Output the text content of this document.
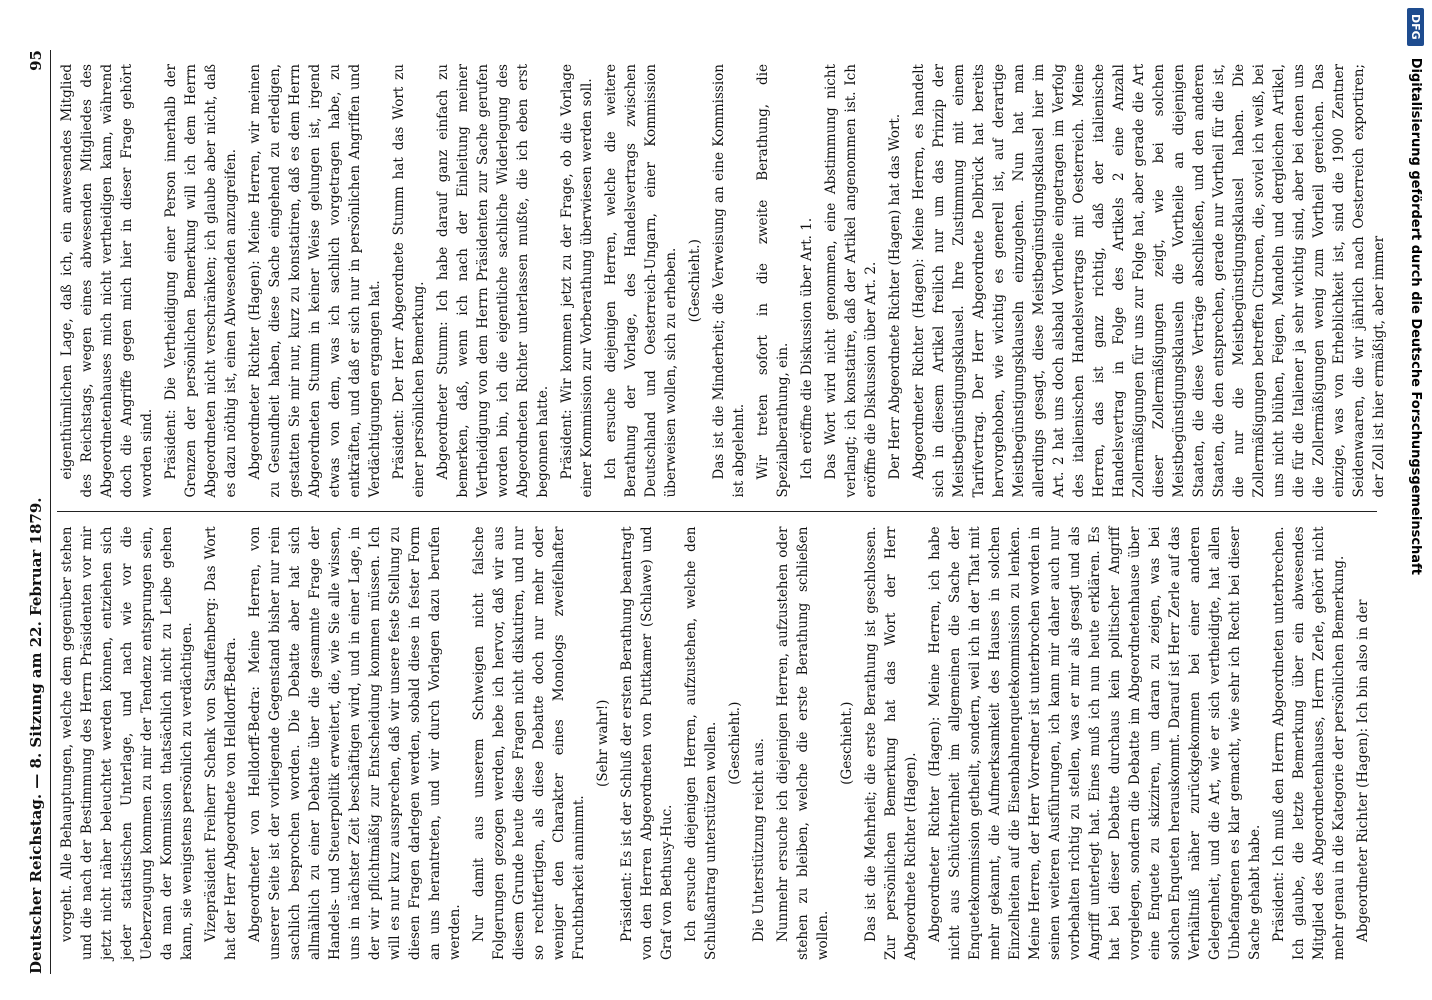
DFG
Digitalisierung gefördert durch die Deutsche Forschungsgemeinschaft
Deutscher Reichstag. — 8. Sitzung am 22. Februar 1879.
95

vorgeht. Alle Behauptungen, welche dem gegenüber stehen und die nach der Bestimmung des Herrn Präsidenten vor mir jetzt nicht näher beleuchtet werden können, entziehen sich jeder statistischen Unterlage, und nach wie vor die Ueberzeugung kommen zu mir der Tendenz entsprungen sein, da man der Kommission thatsächlich nicht zu Leibe gehen kann, sie wenigstens persönlich zu verdächtigen. Vizepräsident Freiherr Schenk von Stauffenberg: Das Wort hat der Herr Abgeordnete von Helldorff-Bedra. Abgeordneter von Helldorff-Bedra: Meine Herren, von unserer Seite ist der vorliegende Gegenstand bisher nur rein sachlich besprochen worden. Die Debatte aber hat sich allmählich zu einer Debatte über die gesammte Frage der Handels- und Steuerpolitik erweitert, die, wie Sie alle wissen, uns in nächster Zeit beschäftigen wird, und in einer Lage, in der wir pflichtmäßig zur Entscheidung kommen müssen. Ich will es nur kurz aussprechen, daß wir unsere feste Stellung zu diesen Fragen darlegen werden, sobald diese in fester Form an uns herantreten, und wir durch Vorlagen dazu berufen werden. Nur damit aus unserem Schweigen nicht falsche Folgerungen gezogen werden, hebe ich hervor, daß wir aus diesem Grunde heute diese Fragen nicht diskutiren, und nur so rechtfertigen, als diese Debatte doch nur mehr oder weniger den Charakter eines Monologs zweifelhafter Fruchtbarkeit annimmt.

(Sehr wahr!) Präsident: Es ist der Schluß der ersten Berathung beantragt von den Herren Abgeordneten von Puttkamer (Schlawe) und Graf von Bethusy-Huc. Ich ersuche diejenigen Herren, aufzustehen, welche den Schlußantrag unterstützen wollen. (Geschieht.) Die Unterstützung reicht aus. Nunmehr ersuche ich diejenigen Herren, aufzustehen oder stehen zu bleiben, welche die erste Berathung schließen wollen.

(Geschieht.) Das ist die Mehrheit; die erste Berathung ist geschlossen. Zur persönlichen Bemerkung hat das Wort der Herr Abgeordnete Richter (Hagen). Abgeordneter Richter (Hagen): Meine Herren, ich habe nicht aus Schüchternheit im allgemeinen die Sache der Enquetekommission getheilt, sondern, weil ich in der That mit mehr gekannt, die Aufmerksamkeit des Hauses in solchen Einzelheiten auf die Eisenbahnenquetekommission zu lenken. Meine Herren, der Herr Vorredner ist unterbrochen worden in seinen weiteren Ausführungen, ich kann mir daher auch nur vorbehalten richtig zu stellen, was er mir als gesagt und als Angriff unterlegt hat. Eines muß ich nun heute erklären. Es hat bei dieser Debatte durchaus kein politischer Angriff vorgelegen, sondern die Debatte im Abgeordnetenhause über eine Enquete zu skizziren, um daran zu zeigen, was bei solchen Enqueten herauskommt. Darauf ist Herr Zerle auf das Verhältniß näher zurückgekommen bei einer anderen Gelegenheit, und die Art, wie er sich vertheidigte, hat allen Unbefangenen es klar gemacht, wie sehr ich Recht bei dieser Sache gehabt habe. Präsident: Ich muß den Herrn Abgeordneten unterbrechen. Ich glaube, die letzte Bemerkung über ein abwesendes Mitglied des Abgeordnetenhauses, Herrn Zerle, gehört nicht mehr genau in die Kategorie der persönlichen Bemerkung. Abgeordneter Richter (Hagen): Ich bin also in der

eigenthümlichen Lage, daß ich, ein anwesendes Mitglied des Reichstags, wegen eines abwesenden Mitgliedes des Abgeordnetenhauses mich nicht vertheidigen kann, während doch die Angriffe gegen mich hier in dieser Frage gehört worden sind. Präsident: Die Vertheidigung einer Person innerhalb der Grenzen der persönlichen Bemerkung will ich dem Herrn Abgeordneten nicht verschränken; ich glaube aber nicht, daß es dazu nöthig ist, einen Abwesenden anzugreifen. Abgeordneter Richter (Hagen): Meine Herren, wir meinen zu Gesundheit haben, diese Sache eingehend zu erledigen, gestatten Sie mir nur, kurz zu konstatiren, daß es dem Herrn Abgeordneten Stumm in keiner Weise gelungen ist, irgend etwas von dem, was ich sachlich vorgetragen habe, zu entkräften, und daß er sich nur in persönlichen Angriffen und Verdächtigungen ergangen hat. Präsident: Der Herr Abgeordnete Stumm hat das Wort zu einer persönlichen Bemerkung. Abgeordneter Stumm: Ich habe darauf ganz einfach zu bemerken, daß, wenn ich nach der Einleitung meiner Vertheidigung von dem Herrn Präsidenten zur Sache gerufen worden bin, ich die eigentliche sachliche Widerlegung des Abgeordneten Richter unterlassen mußte, die ich eben erst begonnen hatte. Präsident: Wir kommen jetzt zu der Frage, ob die Vorlage einer Kommission zur Vorberathung überwiesen werden soll. Ich ersuche diejenigen Herren, welche die weitere Berathung der Vorlage, des Handelsvertrags zwischen Deutschland und Oesterreich-Ungarn, einer Kommission überweisen wollen, sich zu erheben. (Geschieht.) Das ist die Minderheit; die Verweisung an eine Kommission ist abgelehnt. Wir treten sofort in die zweite Berathung, die Spezialberathung, ein. Ich eröffne die Diskussion über Art. 1. Das Wort wird nicht genommen, eine Abstimmung nicht verlangt; ich konstatire, daß der Artikel angenommen ist. Ich eröffne die Diskussion über Art. 2. Der Herr Abgeordnete Richter (Hagen) hat das Wort. Abgeordneter Richter (Hagen): Meine Herren, es handelt sich in diesem Artikel freilich nur um das Prinzip der Meistbegünstigungsklausel. Ihre Zustimmung mit einem Tarifvertrag. Der Herr Abgeordnete Delbrück hat bereits hervorgehoben, wie wichtig es generell ist, auf derartige Meistbegünstigungsklauseln einzugehen. Nun hat man allerdings gesagt, diese Meistbegünstigungsklausel hier im Art. 2 hat uns doch alsbald Vortheile eingetragen im Verfolg des italienischen Handelsvertrags mit Oesterreich. Meine Herren, das ist ganz richtig, daß der italienische Handelsvertrag in Folge des Artikels 2 eine Anzahl Zollermäßigungen für uns zur Folge hat, aber gerade die Art dieser Zollermäßigungen zeigt, wie bei solchen Meistbegünstigungsklauseln die Vortheile an diejenigen Staaten, die diese Verträge abschließen, und den anderen Staaten, die den entsprechen, gerade nur Vortheil für die ist, die nur die Meistbegünstigungsklausel haben. Die Zollermäßigungen betreffen Citronen, die, soviel ich weiß, bei uns nicht blühen, Feigen, Mandeln und dergleichen Artikel, die für die Italiener ja sehr wichtig sind, aber bei denen uns die Zollermäßigungen wenig zum Vortheil gereichen. Das einzige, was von Erheblichkeit ist, sind die 1900 Zentner Seidenwaaren, die wir jährlich nach Oesterreich exportiren; der Zoll ist hier ermäßigt, aber immer
